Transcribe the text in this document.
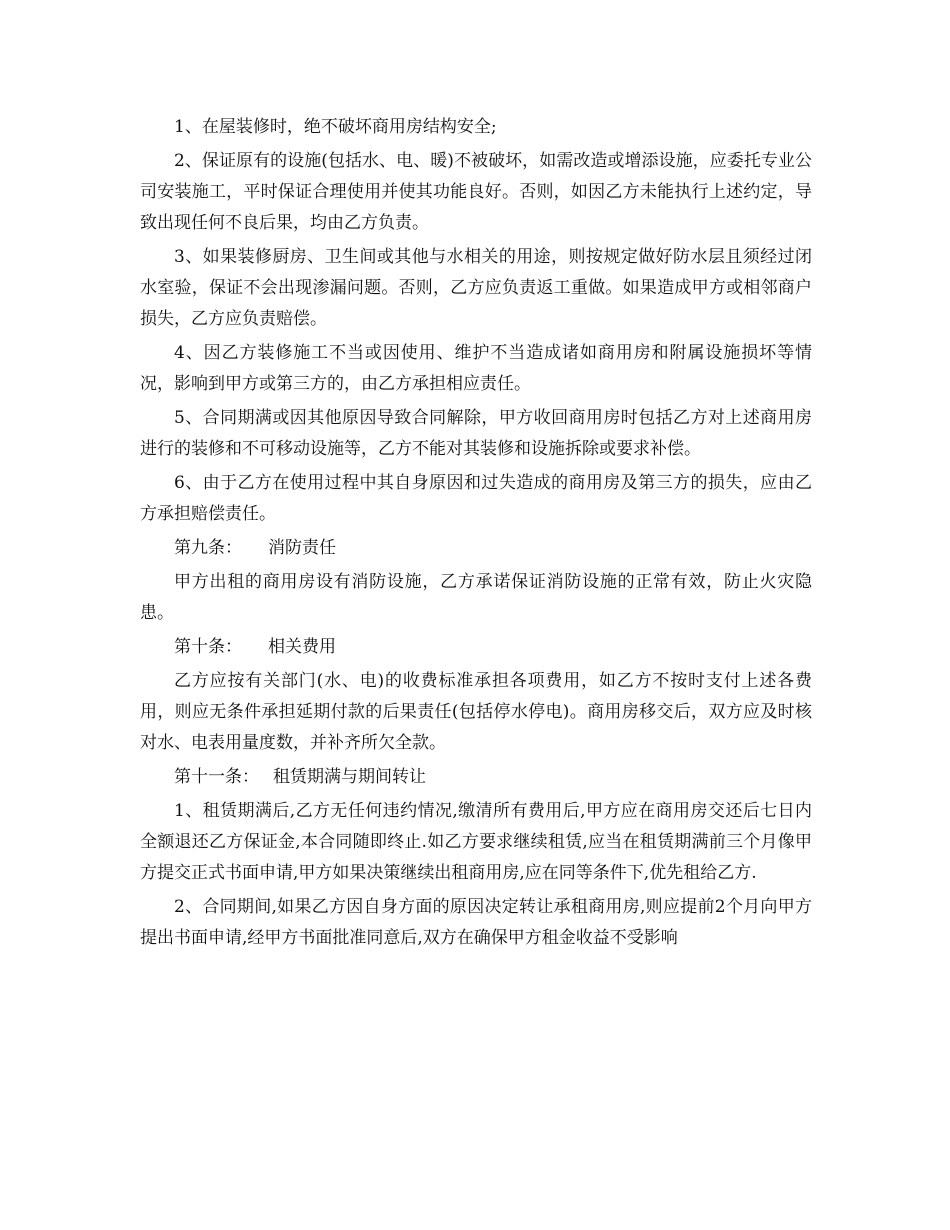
1、在屋装修时，绝不破坏商用房结构安全;

2、保证原有的设施(包括水、电、暖)不被破坏，如需改造或增添设施，应委托专业公司安装施工，平时保证合理使用并使其功能良好。否则，如因乙方未能执行上述约定，导致出现任何不良后果，均由乙方负责。

3、如果装修厨房、卫生间或其他与水相关的用途，则按规定做好防水层且须经过闭水室验，保证不会出现渗漏问题。否则，乙方应负责返工重做。如果造成甲方或相邻商户损失，乙方应负责赔偿。

4、因乙方装修施工不当或因使用、维护不当造成诸如商用房和附属设施损坏等情况，影响到甲方或第三方的，由乙方承担相应责任。

5、合同期满或因其他原因导致合同解除，甲方收回商用房时包括乙方对上述商用房进行的装修和不可移动设施等，乙方不能对其装修和设施拆除或要求补偿。

6、由于乙方在使用过程中其自身原因和过失造成的商用房及第三方的损失，应由乙方承担赔偿责任。

第九条： 消防责任

甲方出租的商用房设有消防设施，乙方承诺保证消防设施的正常有效，防止火灾隐患。

第十条： 相关费用

乙方应按有关部门(水、电)的收费标准承担各项费用，如乙方不按时支付上述各费用，则应无条件承担延期付款的后果责任(包括停水停电)。商用房移交后，双方应及时核对水、电表用量度数，并补齐所欠全款。

第十一条： 租赁期满与期间转让

1、租赁期满后,乙方无任何违约情况,缴清所有费用后,甲方应在商用房交还后七日内全额退还乙方保证金,本合同随即终止.如乙方要求继续租赁,应当在租赁期满前三个月像甲方提交正式书面申请,甲方如果决策继续出租商用房,应在同等条件下,优先租给乙方.

2、合同期间,如果乙方因自身方面的原因决定转让承租商用房,则应提前2个月向甲方提出书面申请,经甲方书面批准同意后,双方在确保甲方租金收益不受影响
